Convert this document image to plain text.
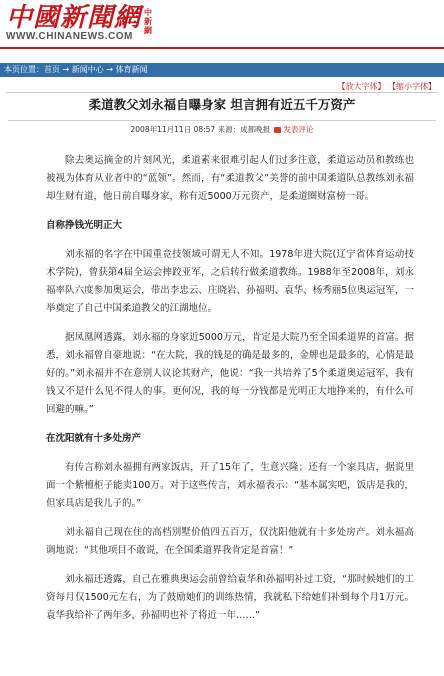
中國新聞網 中
新
網
WWW.CHINANEWS.COM
本页位置：首页 → 新闻中心 → 体育新闻
【放大字体】 【缩小字体】
柔道教父刘永福自曝身家 坦言拥有近五千万资产
2008年11月11日 08:57 来源：成都晚报 发表评论

除去奥运摘金的片刻风光，柔道素来很难引起人们过多注意，柔道运动员和教练也被视为体育从业者中的“蓝领”。然而，有“柔道教父”美誉的前中国柔道队总教练刘永福却生财有道，他日前自曝身家，称有近5000万元资产，是柔道圈财富榜一哥。

自称挣钱光明正大

刘永福的名字在中国重竞技领域可谓无人不知。1978年进大院(辽宁省体育运动技术学院)，曾获第4届全运会摔跤亚军，之后转行做柔道教练。1988年至2008年，刘永福率队六度参加奥运会，带出李忠云、庄晓岩、孙福明、袁华、杨秀丽5位奥运冠军，一举奠定了自己中国柔道教父的江湖地位。

据凤凰网透露，刘永福的身家近5000万元，肯定是大院乃至全国柔道界的首富。据悉，刘永福曾自豪地说：“在大院，我的钱是的确是最多的，金牌也是最多的，心情是最好的。”刘永福并不在意别人议论其财产，他说：“我一共培养了5个柔道奥运冠军，我有钱又不是什么见不得人的事。更何况，我的每一分钱都是光明正大地挣来的，有什么可回避的嘛。”

在沈阳就有十多处房产

有传言称刘永福拥有两家饭店，开了15年了，生意兴隆；还有一个家具店，据说里面一个紫檀柜子能卖100万。对于这些传言，刘永福表示：“基本属实吧，饭店是我的，但家具店是我儿子的。”

刘永福自己现在住的高档别墅价值四五百万，仅沈阳他就有十多处房产。刘永福高调地说：“其他项目不敢说，在全国柔道界我肯定是首富！”

刘永福还透露，自己在雅典奥运会前曾给袁华和孙福明补过工资，“那时候她们的工资每月仅1500元左右，为了鼓励她们的训练热情，我就私下给她们补到每个月1万元。袁华我给补了两年多，孙福明也补了将近一年……”
